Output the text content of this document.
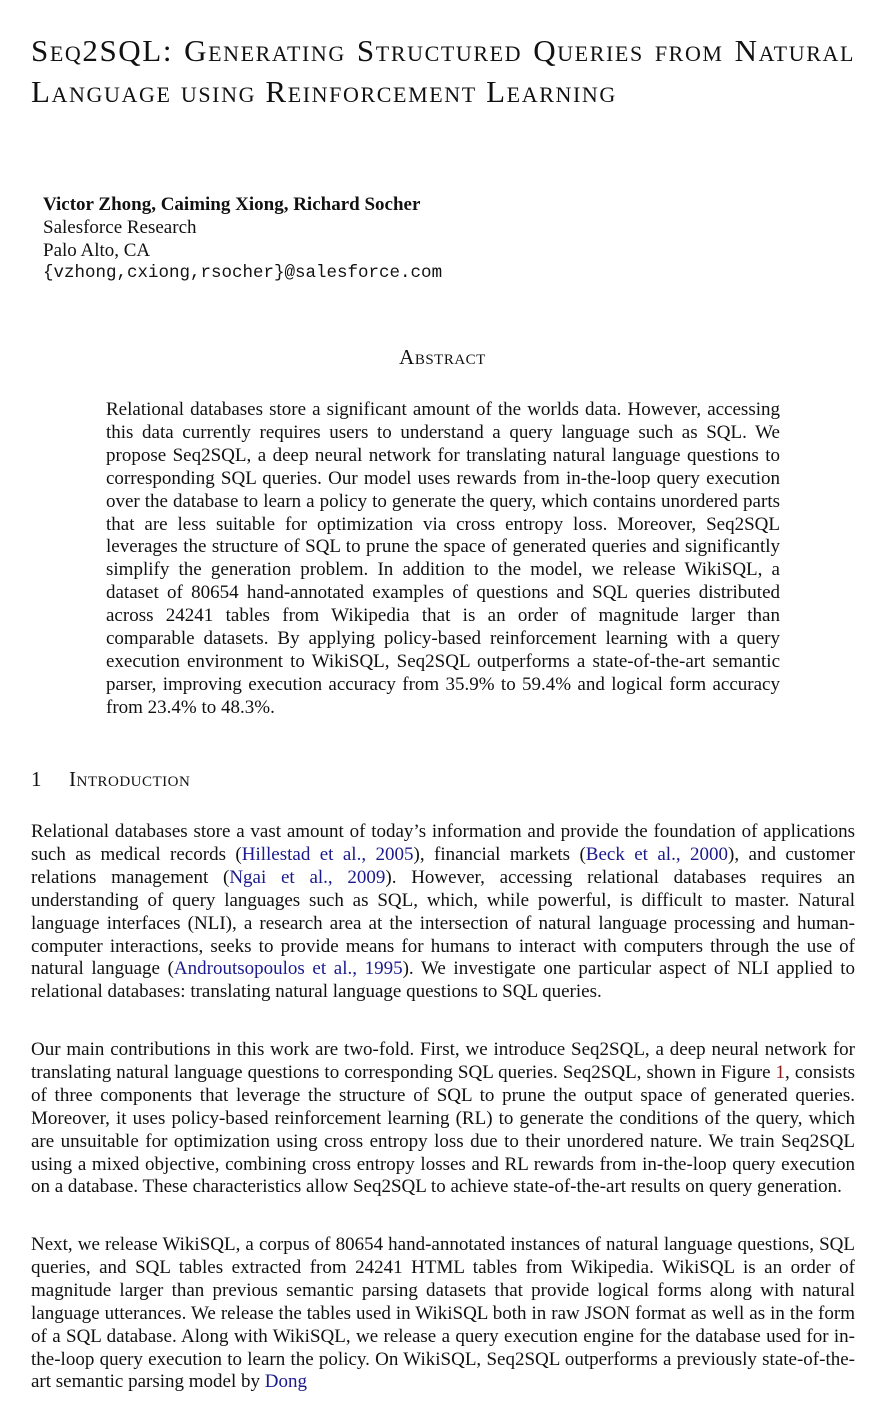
Seq2SQL: Generating Structured Queries from Natural Language using Reinforcement Learning
Victor Zhong, Caiming Xiong, Richard Socher
Salesforce Research
Palo Alto, CA
{vzhong,cxiong,rsocher}@salesforce.com
Abstract

Relational databases store a significant amount of the worlds data. However, accessing this data currently requires users to understand a query language such as SQL. We propose Seq2SQL, a deep neural network for translating natural language questions to corresponding SQL queries. Our model uses rewards from in-the-loop query execution over the database to learn a policy to generate the query, which contains unordered parts that are less suitable for optimization via cross entropy loss. Moreover, Seq2SQL leverages the structure of SQL to prune the space of generated queries and significantly simplify the generation problem. In addition to the model, we release WikiSQL, a dataset of 80654 hand-annotated examples of questions and SQL queries distributed across 24241 tables from Wikipedia that is an order of magnitude larger than comparable datasets. By applying policy-based reinforcement learning with a query execution environment to WikiSQL, Seq2SQL outperforms a state-of-the-art semantic parser, improving execution accuracy from 35.9% to 59.4% and logical form accuracy from 23.4% to 48.3%.

1 Introduction

Relational databases store a vast amount of today’s information and provide the foundation of applications such as medical records (Hillestad et al., 2005), financial markets (Beck et al., 2000), and customer relations management (Ngai et al., 2009). However, accessing relational databases requires an understanding of query languages such as SQL, which, while powerful, is difficult to master. Natural language interfaces (NLI), a research area at the intersection of natural language processing and human-computer interactions, seeks to provide means for humans to interact with computers through the use of natural language (Androutsopoulos et al., 1995). We investigate one particular aspect of NLI applied to relational databases: translating natural language questions to SQL queries.

Our main contributions in this work are two-fold. First, we introduce Seq2SQL, a deep neural network for translating natural language questions to corresponding SQL queries. Seq2SQL, shown in Figure 1, consists of three components that leverage the structure of SQL to prune the output space of generated queries. Moreover, it uses policy-based reinforcement learning (RL) to generate the conditions of the query, which are unsuitable for optimization using cross entropy loss due to their unordered nature. We train Seq2SQL using a mixed objective, combining cross entropy losses and RL rewards from in-the-loop query execution on a database. These characteristics allow Seq2SQL to achieve state-of-the-art results on query generation.

Next, we release WikiSQL, a corpus of 80654 hand-annotated instances of natural language questions, SQL queries, and SQL tables extracted from 24241 HTML tables from Wikipedia. WikiSQL is an order of magnitude larger than previous semantic parsing datasets that provide logical forms along with natural language utterances. We release the tables used in WikiSQL both in raw JSON format as well as in the form of a SQL database. Along with WikiSQL, we release a query execution engine for the database used for in-the-loop query execution to learn the policy. On WikiSQL, Seq2SQL outperforms a previously state-of-the-art semantic parsing model by Dong
